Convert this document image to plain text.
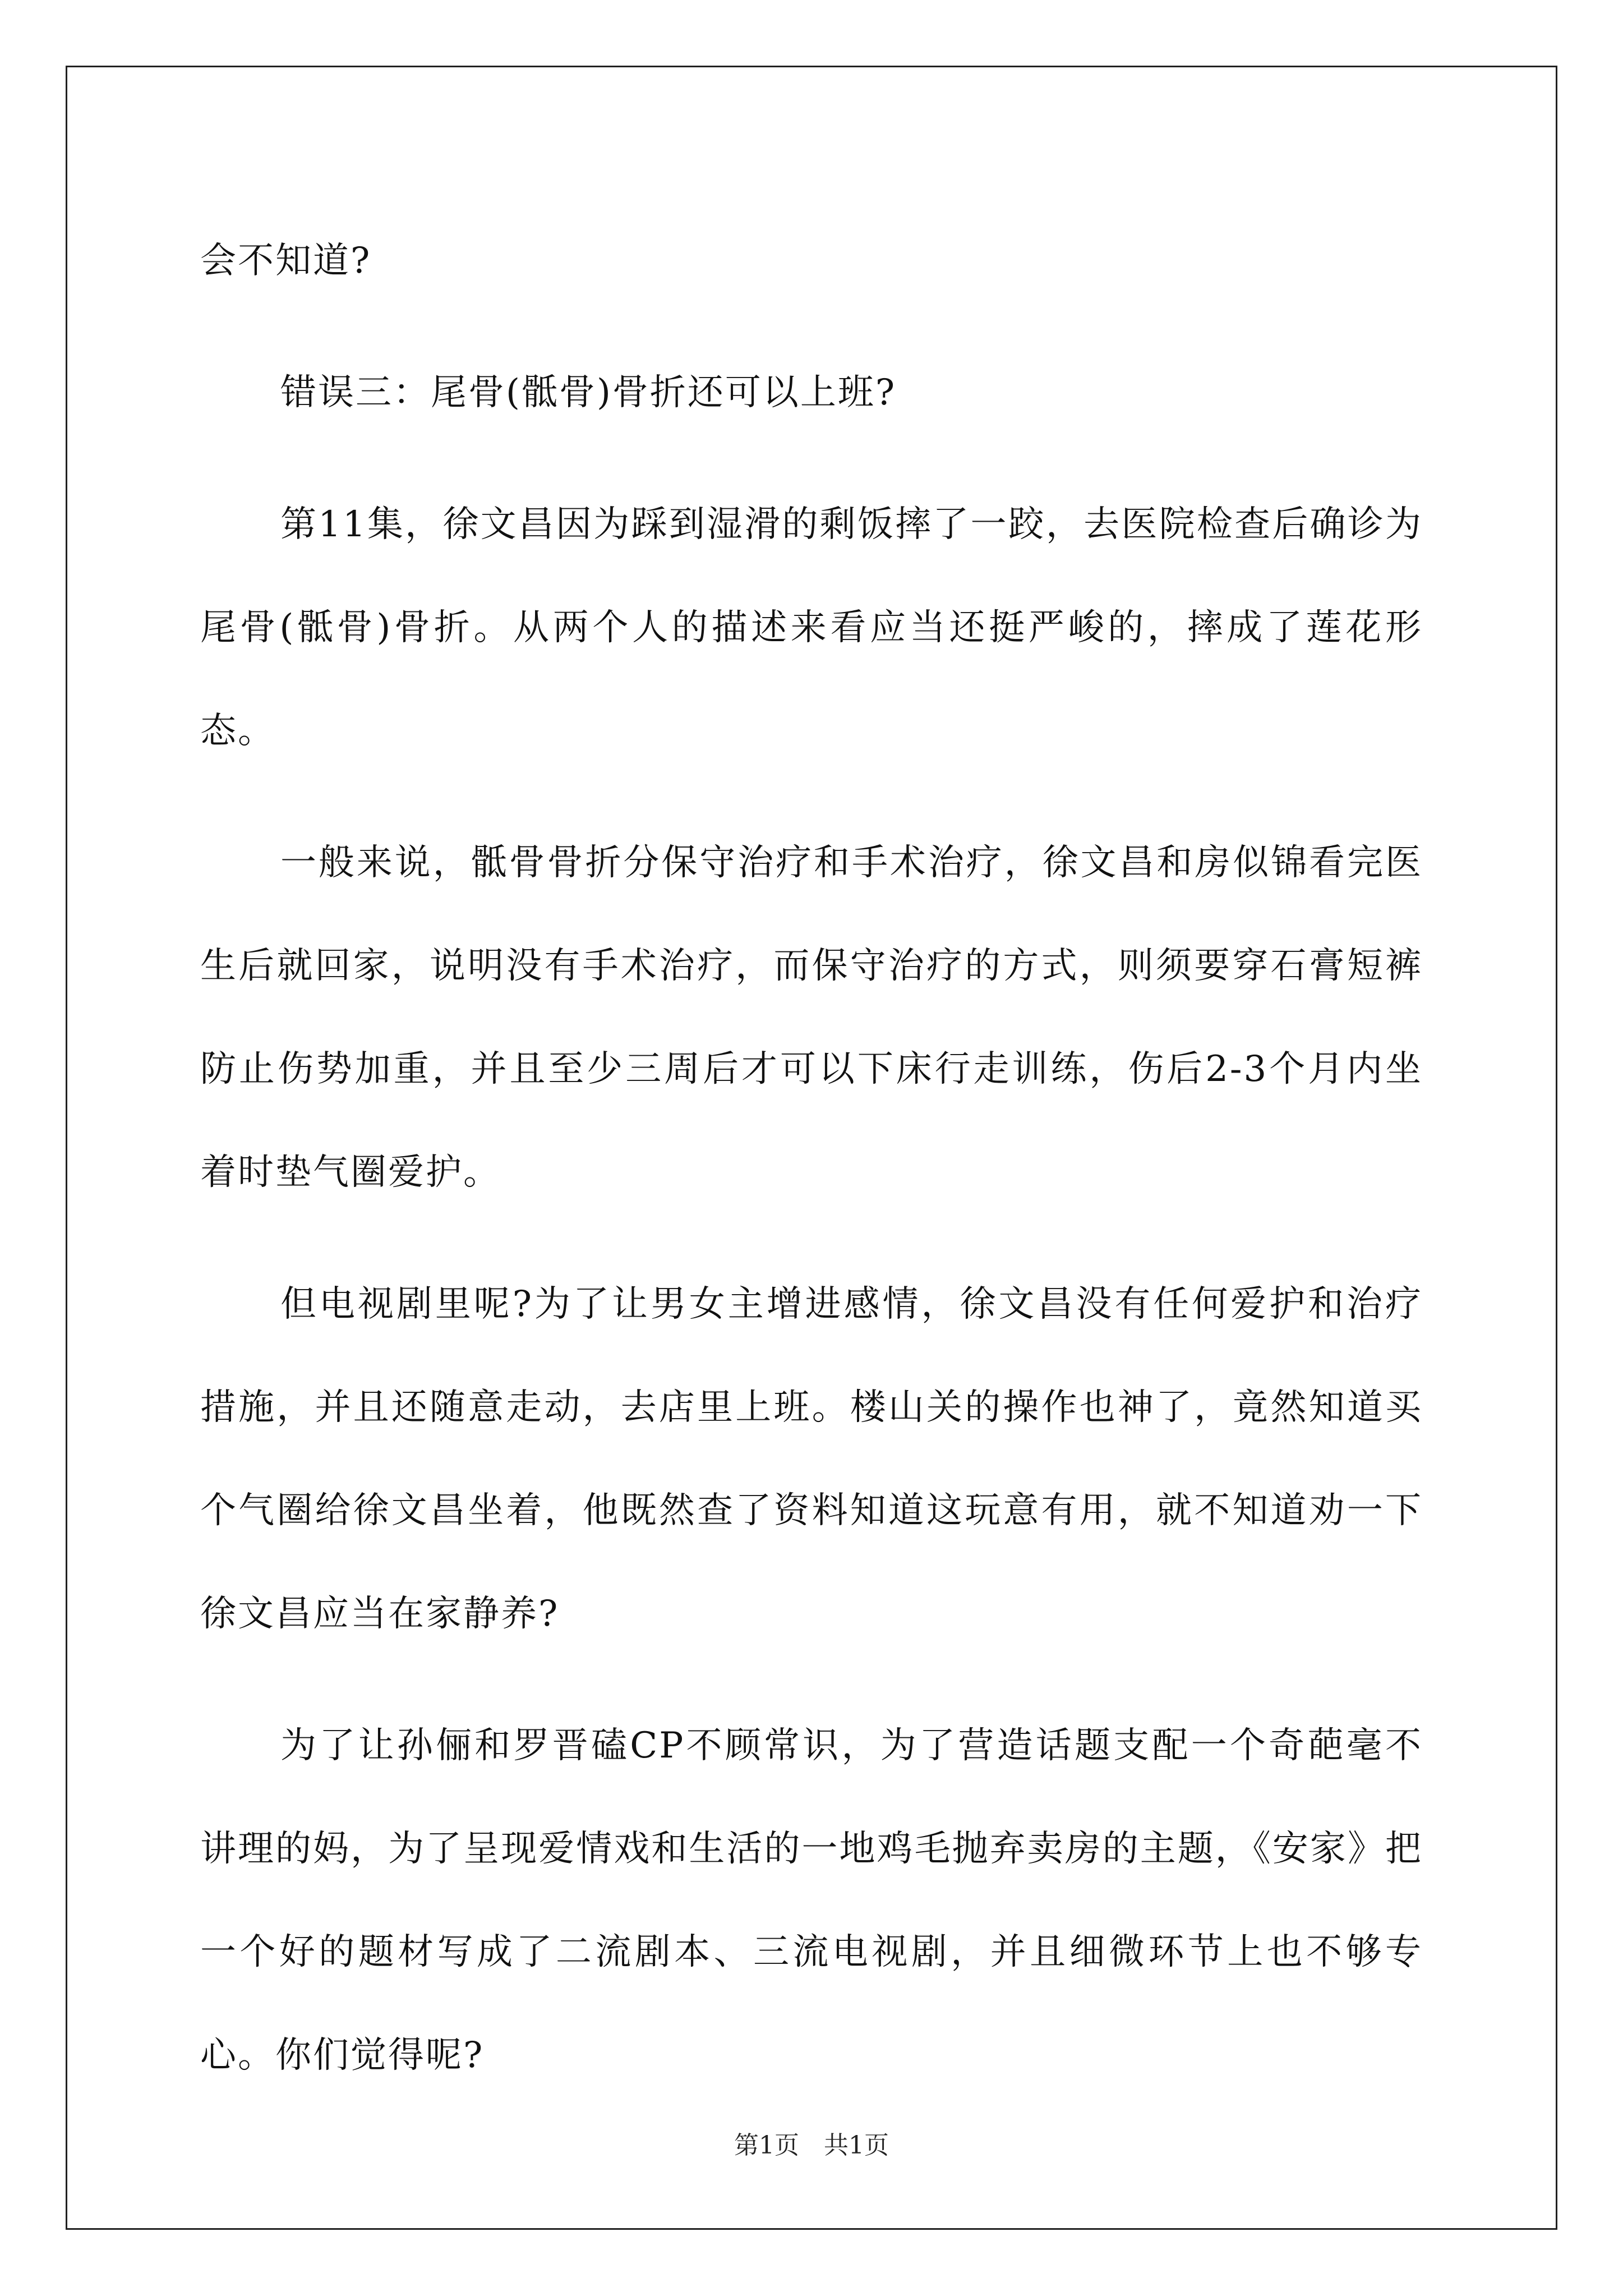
会不知道?

错误三：尾骨(骶骨)骨折还可以上班?

第11集，徐文昌因为踩到湿滑的剩饭摔了一跤，去医院检查后确诊为尾骨(骶骨)骨折。从两个人的描述来看应当还挺严峻的，摔成了莲花形态。

一般来说，骶骨骨折分保守治疗和手术治疗，徐文昌和房似锦看完医生后就回家，说明没有手术治疗，而保守治疗的方式，则须要穿石膏短裤防止伤势加重，并且至少三周后才可以下床行走训练，伤后2-3个月内坐着时垫气圈爱护。

但电视剧里呢?为了让男女主增进感情，徐文昌没有任何爱护和治疗措施，并且还随意走动，去店里上班。楼山关的操作也神了，竟然知道买个气圈给徐文昌坐着，他既然查了资料知道这玩意有用，就不知道劝一下徐文昌应当在家静养?

为了让孙俪和罗晋磕CP不顾常识，为了营造话题支配一个奇葩毫不讲理的妈，为了呈现爱情戏和生活的一地鸡毛抛弃卖房的主题，《安家》把一个好的题材写成了二流剧本、三流电视剧，并且细微环节上也不够专心。你们觉得呢?

第1页　共1页
